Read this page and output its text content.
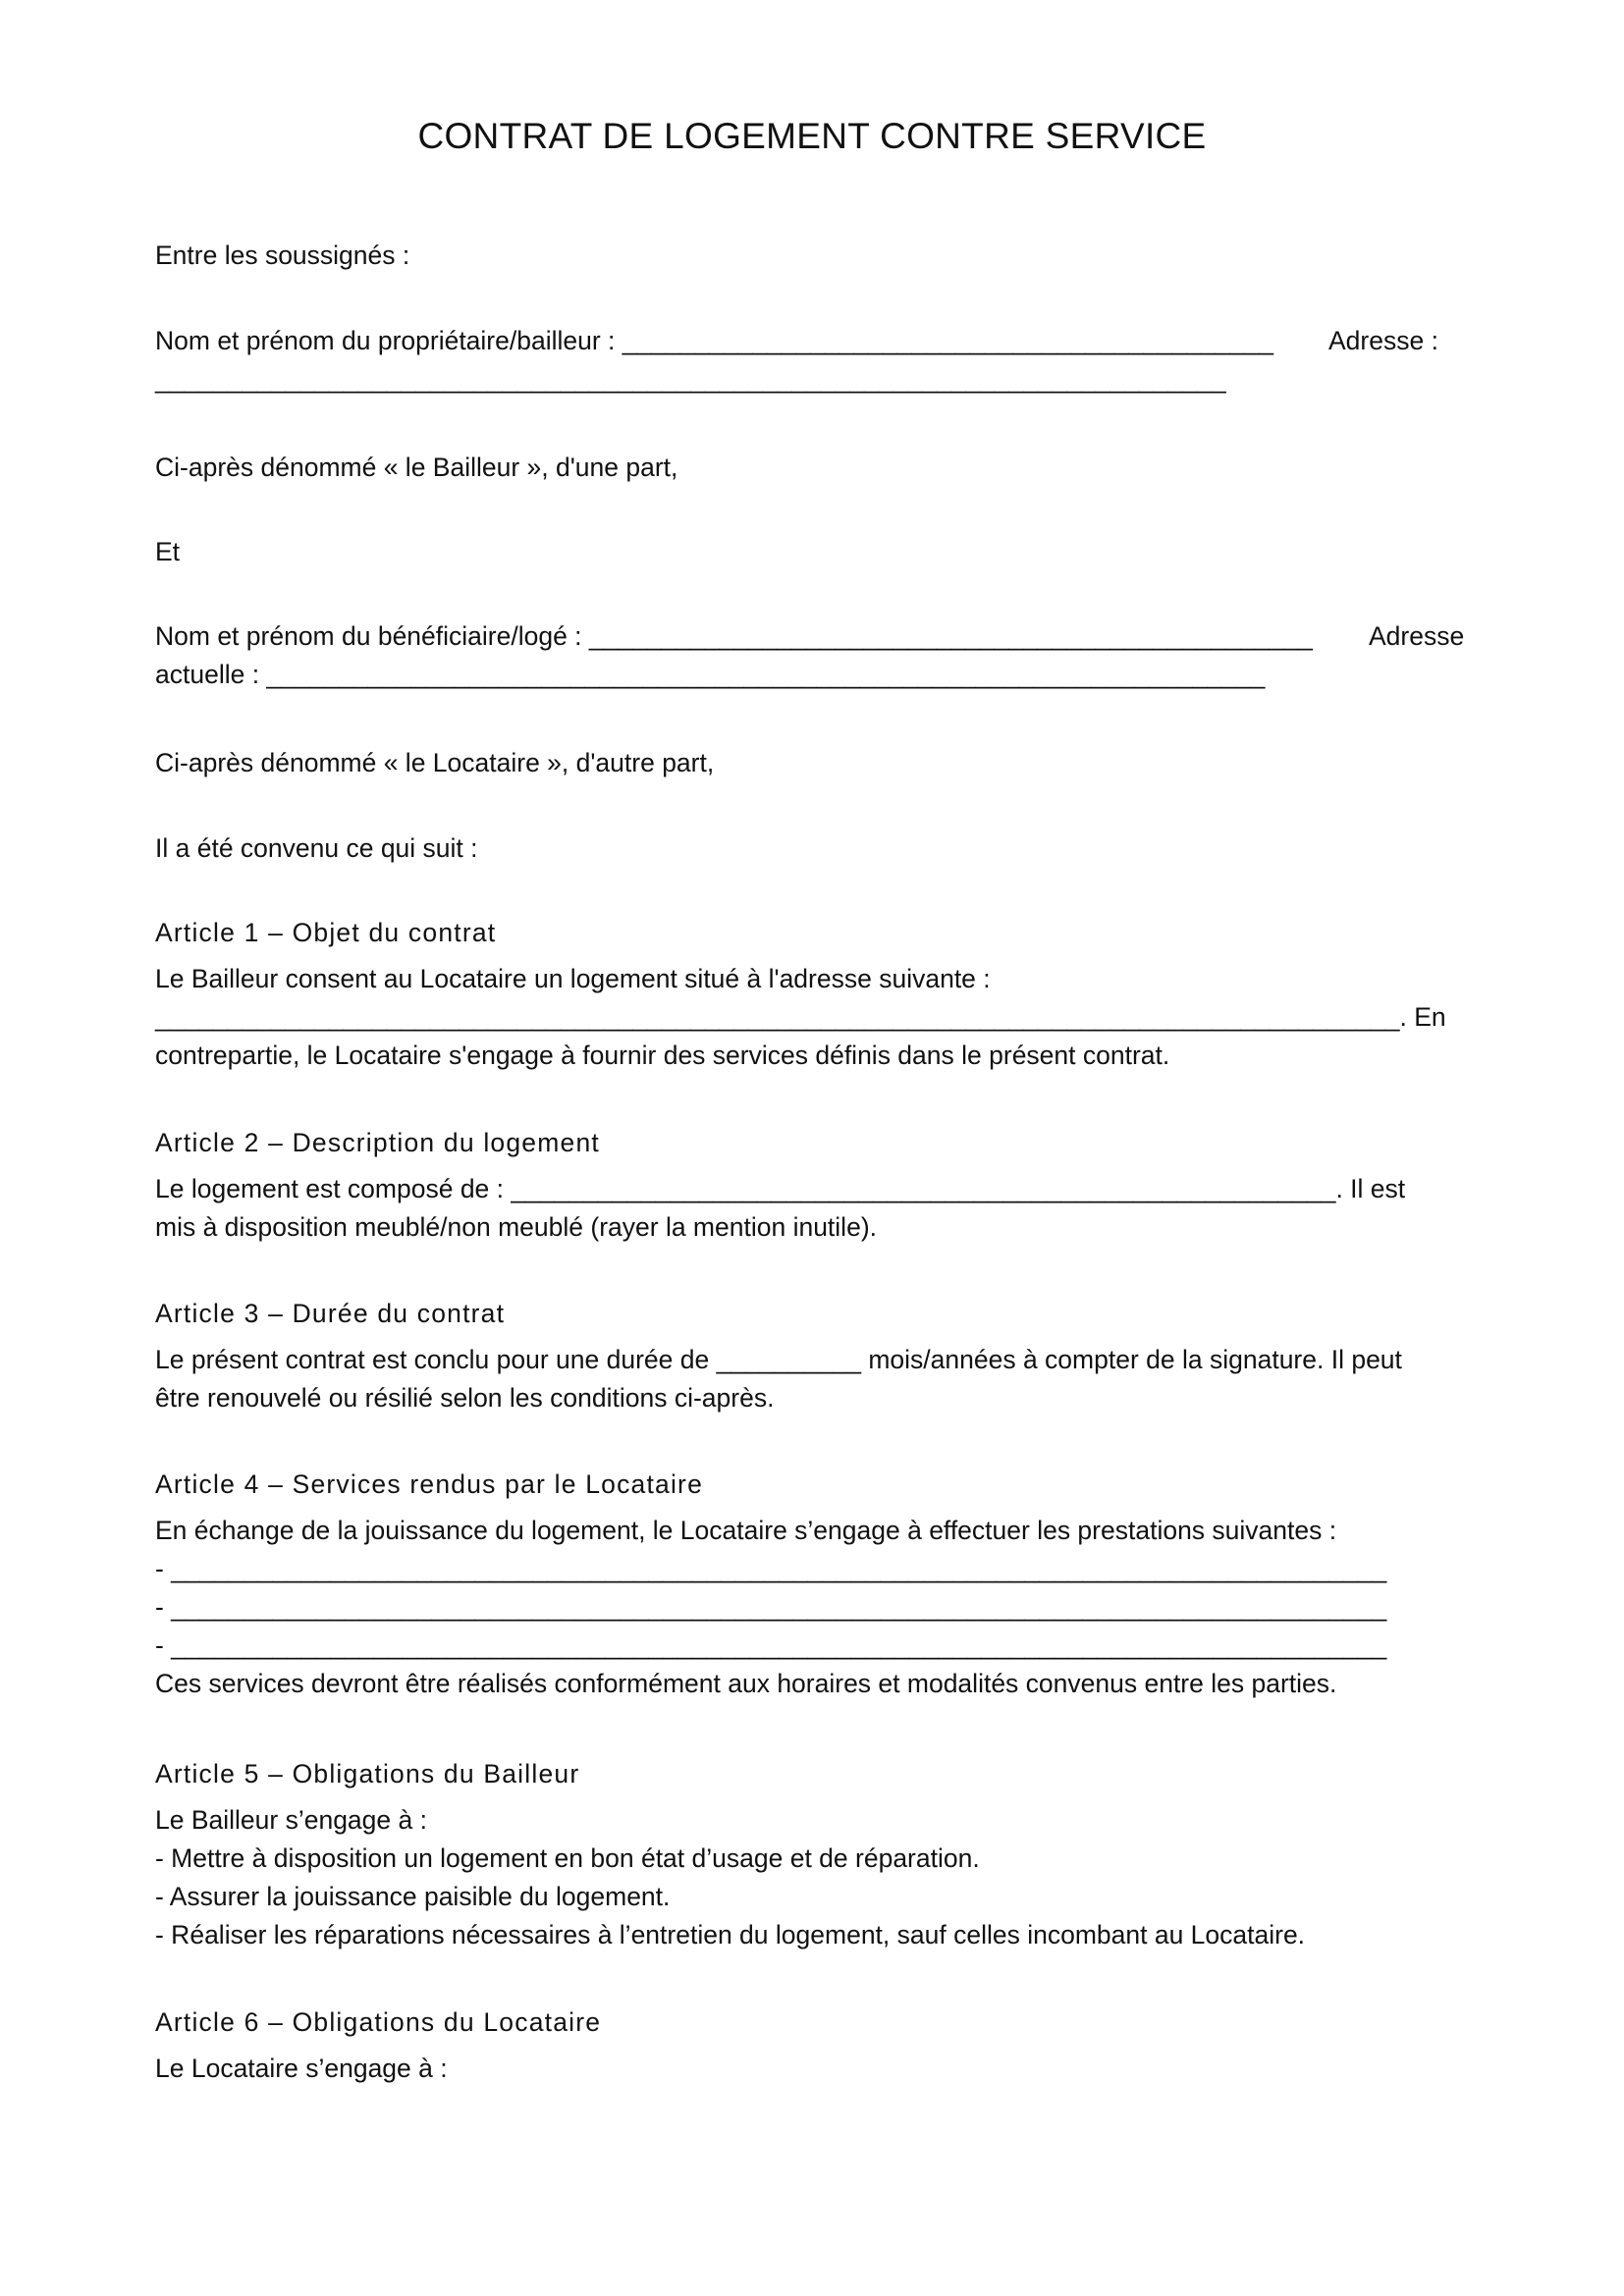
CONTRAT DE LOGEMENT CONTRE SERVICE
Entre les soussignés :
Nom et prénom du propriétaire/bailleur : _____________________________________________ Adresse :
__________________________________________________________________________
Ci-après dénommé « le Bailleur », d'une part,
Et
Nom et prénom du bénéficiaire/logé : __________________________________________________ Adresse
actuelle : _____________________________________________________________________
Ci-après dénommé « le Locataire », d'autre part,
Il a été convenu ce qui suit :
Article 1 – Objet du contrat
Le Bailleur consent au Locataire un logement situé à l'adresse suivante :
______________________________________________________________________________________. En
contrepartie, le Locataire s'engage à fournir des services définis dans le présent contrat.
Article 2 – Description du logement
Le logement est composé de : _________________________________________________________. Il est
mis à disposition meublé/non meublé (rayer la mention inutile).
Article 3 – Durée du contrat
Le présent contrat est conclu pour une durée de __________ mois/années à compter de la signature. Il peut
être renouvelé ou résilié selon les conditions ci-après.
Article 4 – Services rendus par le Locataire
En échange de la jouissance du logement, le Locataire s’engage à effectuer les prestations suivantes :
- ____________________________________________________________________________________
- ____________________________________________________________________________________
- ____________________________________________________________________________________
Ces services devront être réalisés conformément aux horaires et modalités convenus entre les parties.
Article 5 – Obligations du Bailleur
Le Bailleur s’engage à :
- Mettre à disposition un logement en bon état d’usage et de réparation.
- Assurer la jouissance paisible du logement.
- Réaliser les réparations nécessaires à l’entretien du logement, sauf celles incombant au Locataire.
Article 6 – Obligations du Locataire
Le Locataire s’engage à :
